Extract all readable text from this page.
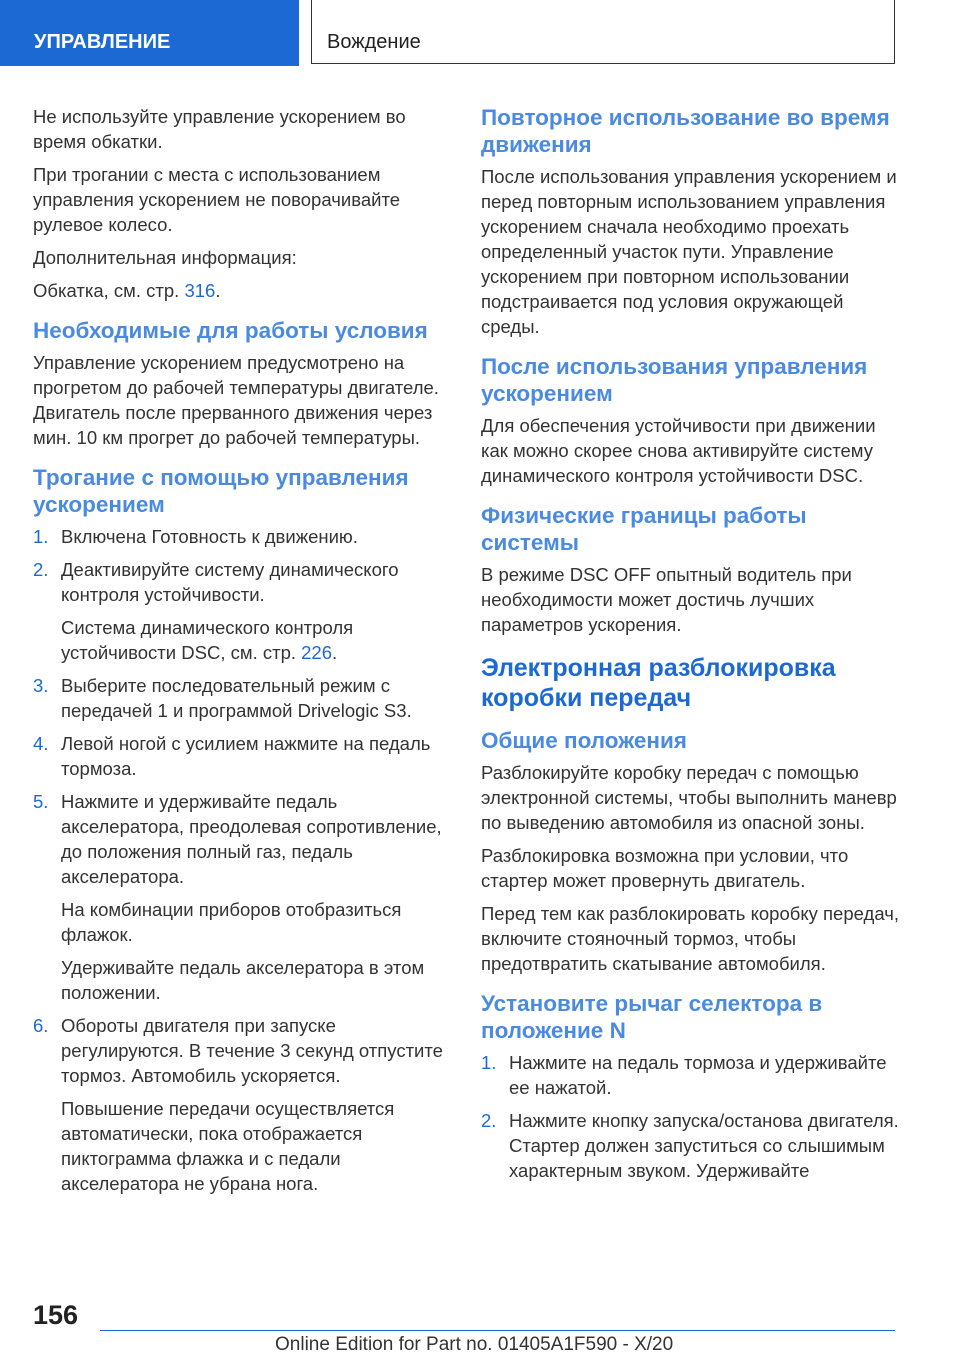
УПРАВЛЕНИЕ	Вождение

Не используйте управление ускорением во время обкатки.

При трогании с места с использованием управления ускорением не поворачивайте рулевое колесо.

Дополнительная информация:

Обкатка, см. стр. 316.

Необходимые для работы условия

Управление ускорением предусмотрено на прогретом до рабочей температуры двигателе. Двигатель после прерванного движения через мин. 10 км прогрет до рабочей температуры.

Трогание с помощью управления ускорением
1. Включена Готовность к движению.
2. Деактивируйте систему динамического контроля устойчивости.
Система динамического контроля устойчивости DSC, см. стр. 226.
3. Выберите последовательный режим с передачей 1 и программой Drivelogic S3.
4. Левой ногой с усилием нажмите на педаль тормоза.
5. Нажмите и удерживайте педаль акселератора, преодолевая сопротивление, до положения полный газ, педаль акселератора.
На комбинации приборов отобразиться флажок.
Удерживайте педаль акселератора в этом положении.
6. Обороты двигателя при запуске регулируются. В течение 3 секунд отпустите тормоз. Автомобиль ускоряется.
Повышение передачи осуществляется автоматически, пока отображается пиктограмма флажка и с педали акселератора не убрана нога.
Повторное использование во время движения

После использования управления ускорением и перед повторным использованием управления ускорением сначала необходимо проехать определенный участок пути. Управление ускорением при повторном использовании подстраивается под условия окружающей среды.

После использования управления ускорением

Для обеспечения устойчивости при движении как можно скорее снова активируйте систему динамического контроля устойчивости DSC.

Физические границы работы системы

В режиме DSC OFF опытный водитель при необходимости может достичь лучших параметров ускорения.

Электронная разблокировка коробки передач
Общие положения

Разблокируйте коробку передач с помощью электронной системы, чтобы выполнить маневр по выведению автомобиля из опасной зоны.

Разблокировка возможна при условии, что стартер может провернуть двигатель.

Перед тем как разблокировать коробку передач, включите стояночный тормоз, чтобы предотвратить скатывание автомобиля.

Установите рычаг селектора в положение N
1. Нажмите на педаль тормоза и удерживайте ее нажатой.
2. Нажмите кнопку запуска/останова двигателя. Стартер должен запуститься со слышимым характерным звуком. Удерживайте
156
Online Edition for Part no. 01405A1F590 - X/20
